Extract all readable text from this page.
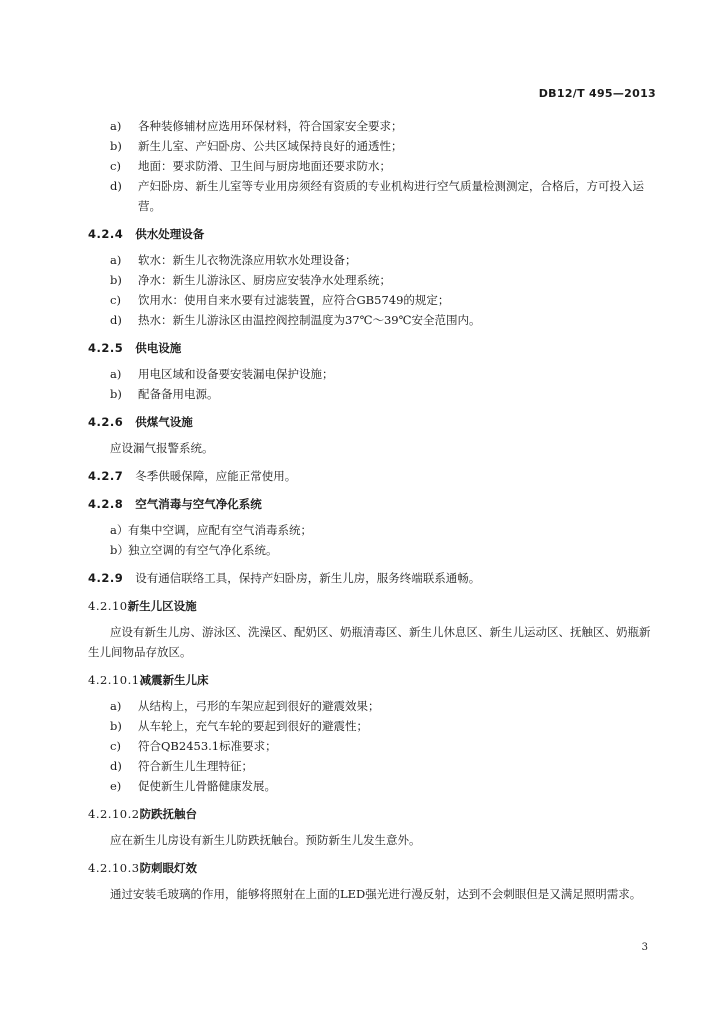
DB12/T 495—2013
a) 各种装修辅材应选用环保材料，符合国家安全要求；
b) 新生儿室、产妇卧房、公共区域保持良好的通透性；
c) 地面：要求防滑、卫生间与厨房地面还要求防水；
d) 产妇卧房、新生儿室等专业用房须经有资质的专业机构进行空气质量检测测定，合格后，方可投入运营。
4.2.4 供水处理设备
a) 软水：新生儿衣物洗涤应用软水处理设备；
b) 净水：新生儿游泳区、厨房应安装净水处理系统；
c) 饮用水：使用自来水要有过滤装置，应符合GB5749的规定；
d) 热水：新生儿游泳区由温控阀控制温度为37℃～39℃安全范围内。
4.2.5 供电设施
a) 用电区域和设备要安装漏电保护设施；
b) 配备备用电源。
4.2.6 供煤气设施
应设漏气报警系统。
4.2.7 冬季供暖保障，应能正常使用。
4.2.8 空气消毒与空气净化系统
a） 有集中空调，应配有空气消毒系统；
b） 独立空调的有空气净化系统。
4.2.9 设有通信联络工具，保持产妇卧房，新生儿房，服务终端联系通畅。
4.2.10新生儿区设施
应设有新生儿房、游泳区、洗澡区、配奶区、奶瓶清毒区、新生儿休息区、新生儿运动区、抚触区、奶瓶新生儿间物品存放区。
4.2.10.1减震新生儿床
a) 从结构上，弓形的车架应起到很好的避震效果；
b) 从车轮上，充气车轮的要起到很好的避震性；
c) 符合QB2453.1标准要求；
d) 符合新生儿生理特征；
e) 促使新生儿骨骼健康发展。
4.2.10.2防跌抚触台
应在新生儿房设有新生儿防跌抚触台。预防新生儿发生意外。
4.2.10.3防刺眼灯效
通过安装毛玻璃的作用，能够将照射在上面的LED强光进行漫反射，达到不会刺眼但是又满足照明需求。
3
